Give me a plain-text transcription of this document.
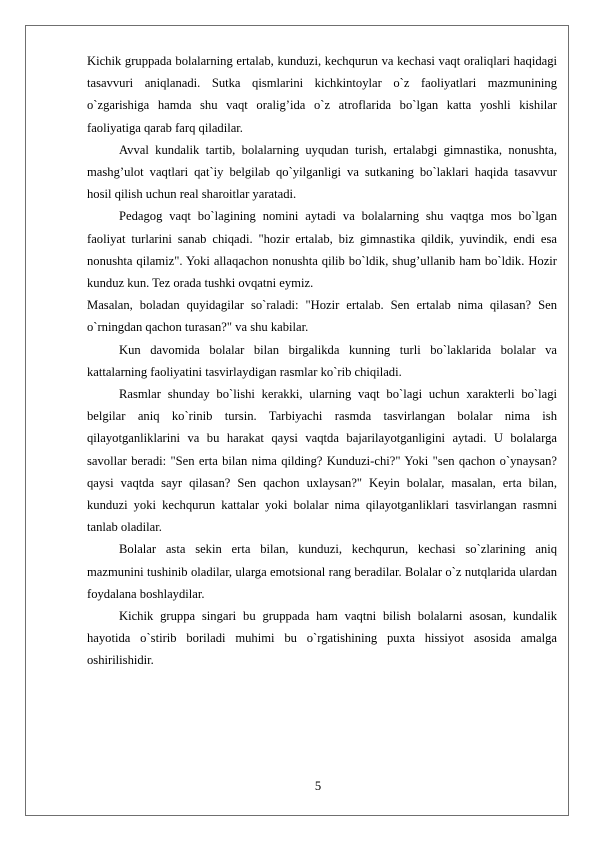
Kichik gruppada bolalarning ertalab, kunduzi, kechqurun va kechasi vaqt oraliqlari haqidagi tasavvuri aniqlanadi. Sutka qismlarini kichkintoylar o`z faoliyatlari mazmunining o`zgarishiga hamda shu vaqt oralig’ida o`z atroflarida bo`lgan katta yoshli kishilar faoliyatiga qarab farq qiladilar.

Avval kundalik tartib, bolalarning uyqudan turish, ertalabgi gimnastika, nonushta, mashg’ulot vaqtlari qat`iy belgilab qo`yilganligi va sutkaning bo`laklari haqida tasavvur hosil qilish uchun real sharoitlar yaratadi.

Pedagog vaqt bo`lagining nomini aytadi va bolalarning shu vaqtga mos bo`lgan faoliyat turlarini sanab chiqadi. "hozir ertalab, biz gimnastika qildik, yuvindik, endi esa nonushta qilamiz". Yoki allaqachon nonushta qilib bo`ldik, shug’ullanib ham bo`ldik. Hozir kunduz kun. Tez orada tushki ovqatni eymiz.

Masalan, boladan quyidagilar so`raladi: "Hozir ertalab. Sen ertalab nima qilasan? Sen o`rningdan qachon turasan?" va shu kabilar.

Kun davomida bolalar bilan birgalikda kunning turli bo`laklarida bolalar va kattalarning faoliyatini tasvirlaydigan rasmlar ko`rib chiqiladi.

Rasmlar shunday bo`lishi kerakki, ularning vaqt bo`lagi uchun xarakterli bo`lagi belgilar aniq ko`rinib tursin. Tarbiyachi rasmda tasvirlangan bolalar nima ish qilayotganliklarini va bu harakat qaysi vaqtda bajarilayotganligini aytadi. U bolalarga savollar beradi: "Sen erta bilan nima qilding? Kunduzi-chi?" Yoki "sen qachon o`ynaysan? qaysi vaqtda sayr qilasan? Sen qachon uxlaysan?" Keyin bolalar, masalan, erta bilan, kunduzi yoki kechqurun kattalar yoki bolalar nima qilayotganliklari tasvirlangan rasmni tanlab oladilar.

Bolalar asta sekin erta bilan, kunduzi, kechqurun, kechasi so`zlarining aniq mazmunini tushinib oladilar, ularga emotsional rang beradilar. Bolalar o`z nutqlarida ulardan foydalana boshlaydilar.

Kichik gruppa singari bu gruppada ham vaqtni bilish bolalarni asosan, kundalik hayotida o`stirib boriladi muhimi bu o`rgatishining puxta hissiyot asosida amalga oshirilishidir.

5
